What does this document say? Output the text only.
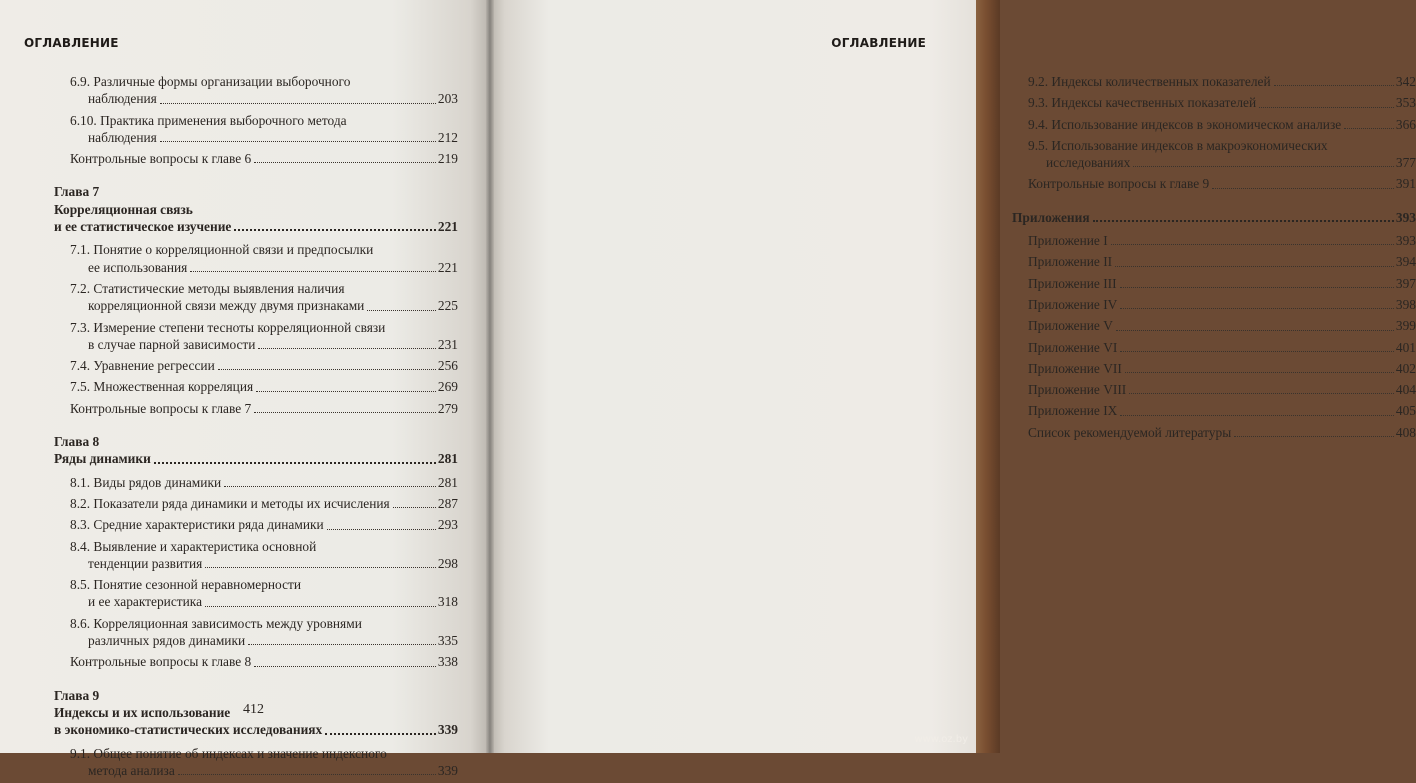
ОГЛАВЛЕНИЕ
6.9. Различные формы организации выборочного
наблюдения	203
6.10. Практика применения выборочного метода
наблюдения	212
Контрольные вопросы к главе 6	219
Глава 7
Корреляционная связь
и ее статистическое изучение	221
7.1. Понятие о корреляционной связи и предпосылки
ее использования	221
7.2. Статистические методы выявления наличия
корреляционной связи между двумя признаками	225
7.3. Измерение степени тесноты корреляционной связи
в случае парной зависимости	231
7.4. Уравнение регрессии	256
7.5. Множественная корреляция	269
Контрольные вопросы к главе 7	279
Глава 8
Ряды динамики	281
8.1. Виды рядов динамики	281
8.2. Показатели ряда динамики и методы их исчисления	287
8.3. Средние характеристики ряда динамики	293
8.4. Выявление и характеристика основной
тенденции развития	298
8.5. Понятие сезонной неравномерности
и ее характеристика	318
8.6. Корреляционная зависимость между уровнями
различных рядов динамики	335
Контрольные вопросы к главе 8	338
Глава 9
Индексы и их использование
в экономико-статистических исследованиях	339
9.1. Общее понятие об индексах и значение индексного
метода анализа	339
412
ОГЛАВЛЕНИЕ
9.2. Индексы количественных показателей	342
9.3. Индексы качественных показателей	353
9.4. Использование индексов в экономическом анализе	366
9.5. Использование индексов в макроэкономических
исследованиях	377
Контрольные вопросы к главе 9	391
Приложения	393
Приложение I	393
Приложение II	394
Приложение III	397
Приложение IV	398
Приложение V	399
Приложение VI	401
Приложение VII	402
Приложение VIII	404
Приложение IX	405
Список рекомендуемой литературы	408
www.oz.by
